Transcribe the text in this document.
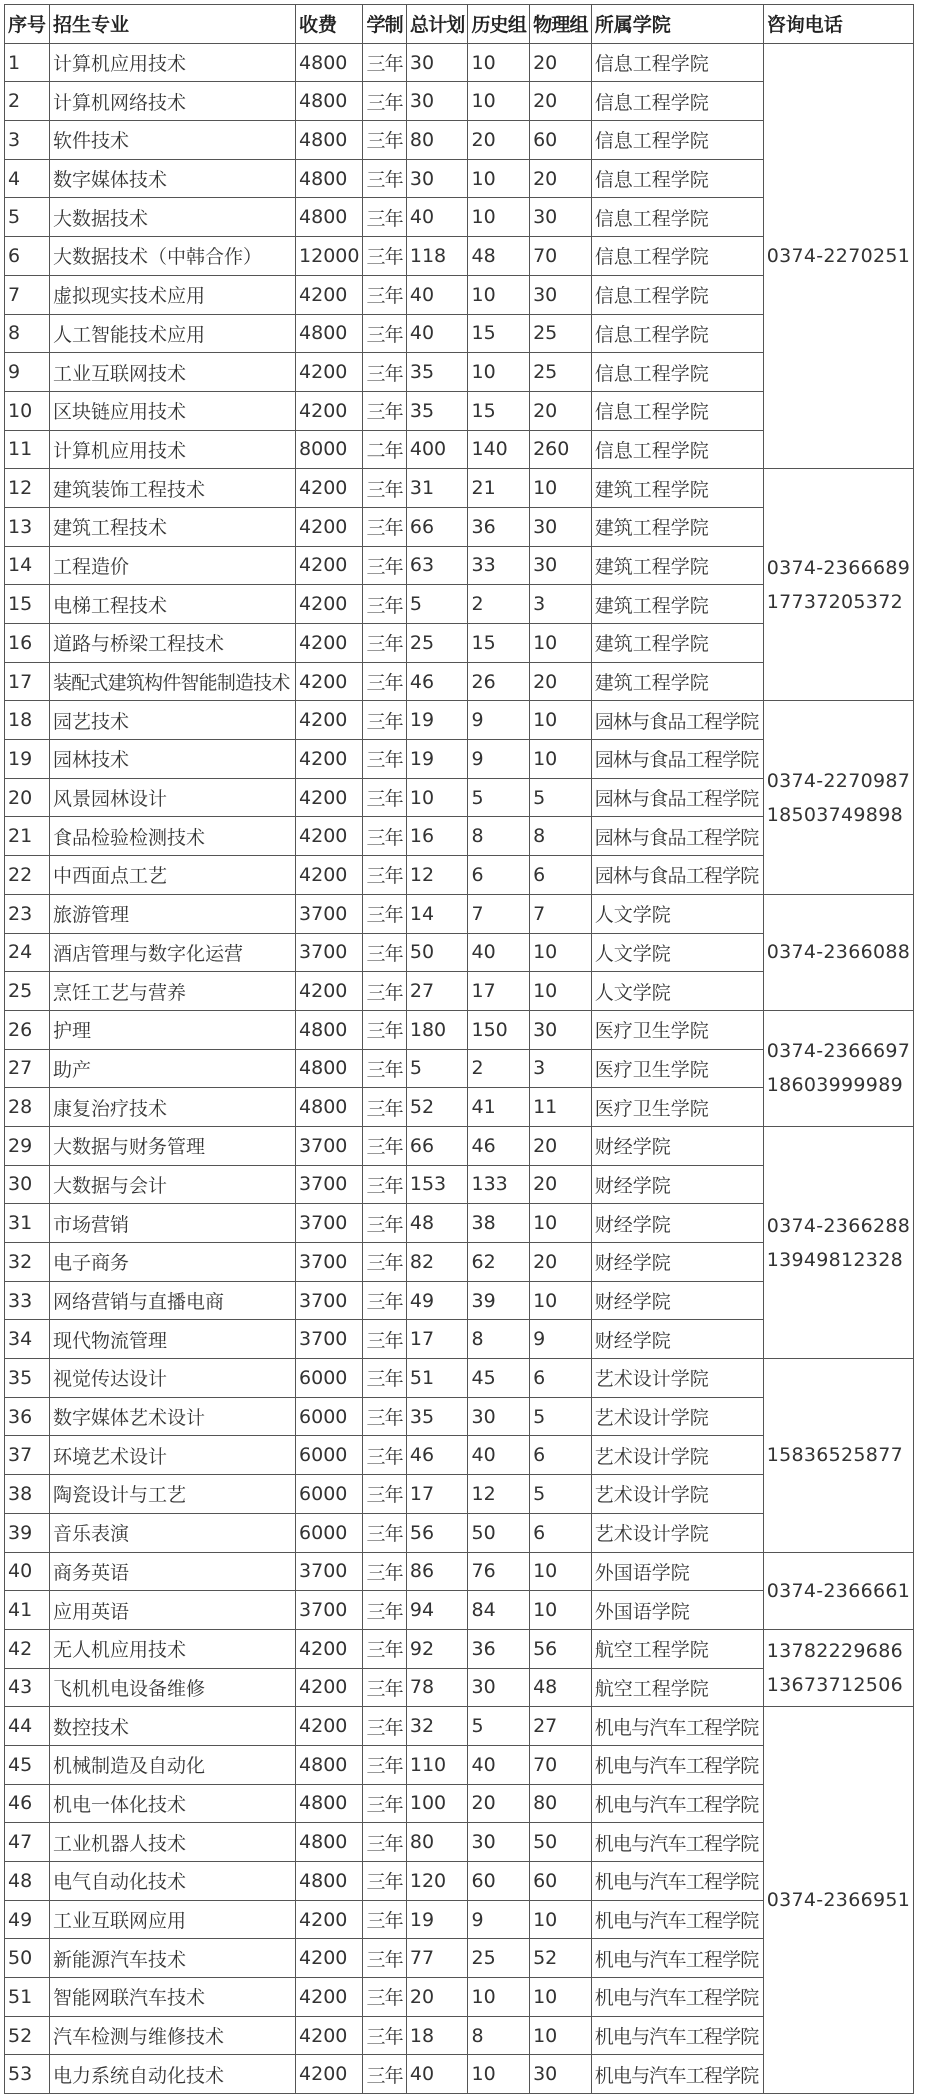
序号	招生专业	收费	学制	总计划	历史组	物理组	所属学院	咨询电话
1	计算机应用技术	4800	三年	30	10	20	信息工程学院	0374-2270251

2	计算机网络技术	4800	三年	30	10	20	信息工程学院	
3	软件技术	4800	三年	80	20	60	信息工程学院	
4	数字媒体技术	4800	三年	30	10	20	信息工程学院	
5	大数据技术	4800	三年	40	10	30	信息工程学院	
6	大数据技术（中韩合作）	12000	三年	118	48	70	信息工程学院	
7	虚拟现实技术应用	4200	三年	40	10	30	信息工程学院	
8	人工智能技术应用	4800	三年	40	15	25	信息工程学院	
9	工业互联网技术	4200	三年	35	10	25	信息工程学院	
10	区块链应用技术	4200	三年	35	15	20	信息工程学院	
11	计算机应用技术	8000	二年	400	140	260	信息工程学院	
12	建筑装饰工程技术	4200	三年	31	21	10	建筑工程学院	0374-2366689
17737205372

13	建筑工程技术	4200	三年	66	36	30	建筑工程学院	
14	工程造价	4200	三年	63	33	30	建筑工程学院	
15	电梯工程技术	4200	三年	5	2	3	建筑工程学院	
16	道路与桥梁工程技术	4200	三年	25	15	10	建筑工程学院	
17	装配式建筑构件智能制造技术	4200	三年	46	26	20	建筑工程学院	
18	园艺技术	4200	三年	19	9	10	园林与食品工程学院	0374-2270987
18503749898

19	园林技术	4200	三年	19	9	10	园林与食品工程学院	
20	风景园林设计	4200	三年	10	5	5	园林与食品工程学院	
21	食品检验检测技术	4200	三年	16	8	8	园林与食品工程学院	
22	中西面点工艺	4200	三年	12	6	6	园林与食品工程学院	
23	旅游管理	3700	三年	14	7	7	人文学院	0374-2366088

24	酒店管理与数字化运营	3700	三年	50	40	10	人文学院	
25	烹饪工艺与营养	4200	三年	27	17	10	人文学院	
26	护理	4800	三年	180	150	30	医疗卫生学院	0374-2366697
18603999989

27	助产	4800	三年	5	2	3	医疗卫生学院	
28	康复治疗技术	4800	三年	52	41	11	医疗卫生学院	
29	大数据与财务管理	3700	三年	66	46	20	财经学院	0374-2366288
13949812328

30	大数据与会计	3700	三年	153	133	20	财经学院	
31	市场营销	3700	三年	48	38	10	财经学院	
32	电子商务	3700	三年	82	62	20	财经学院	
33	网络营销与直播电商	3700	三年	49	39	10	财经学院	
34	现代物流管理	3700	三年	17	8	9	财经学院	
35	视觉传达设计	6000	三年	51	45	6	艺术设计学院	15836525877

36	数字媒体艺术设计	6000	三年	35	30	5	艺术设计学院	
37	环境艺术设计	6000	三年	46	40	6	艺术设计学院	
38	陶瓷设计与工艺	6000	三年	17	12	5	艺术设计学院	
39	音乐表演	6000	三年	56	50	6	艺术设计学院	
40	商务英语	3700	三年	86	76	10	外国语学院	0374-2366661

41	应用英语	3700	三年	94	84	10	外国语学院	
42	无人机应用技术	4200	三年	92	36	56	航空工程学院	13782229686
13673712506

43	飞机机电设备维修	4200	三年	78	30	48	航空工程学院	
44	数控技术	4200	三年	32	5	27	机电与汽车工程学院	0374-2366951

45	机械制造及自动化	4800	三年	110	40	70	机电与汽车工程学院	
46	机电一体化技术	4800	三年	100	20	80	机电与汽车工程学院	
47	工业机器人技术	4800	三年	80	30	50	机电与汽车工程学院	
48	电气自动化技术	4800	三年	120	60	60	机电与汽车工程学院	
49	工业互联网应用	4200	三年	19	9	10	机电与汽车工程学院	
50	新能源汽车技术	4200	三年	77	25	52	机电与汽车工程学院	
51	智能网联汽车技术	4200	三年	20	10	10	机电与汽车工程学院	
52	汽车检测与维修技术	4200	三年	18	8	10	机电与汽车工程学院	
53	电力系统自动化技术	4200	三年	40	10	30	机电与汽车工程学院	
